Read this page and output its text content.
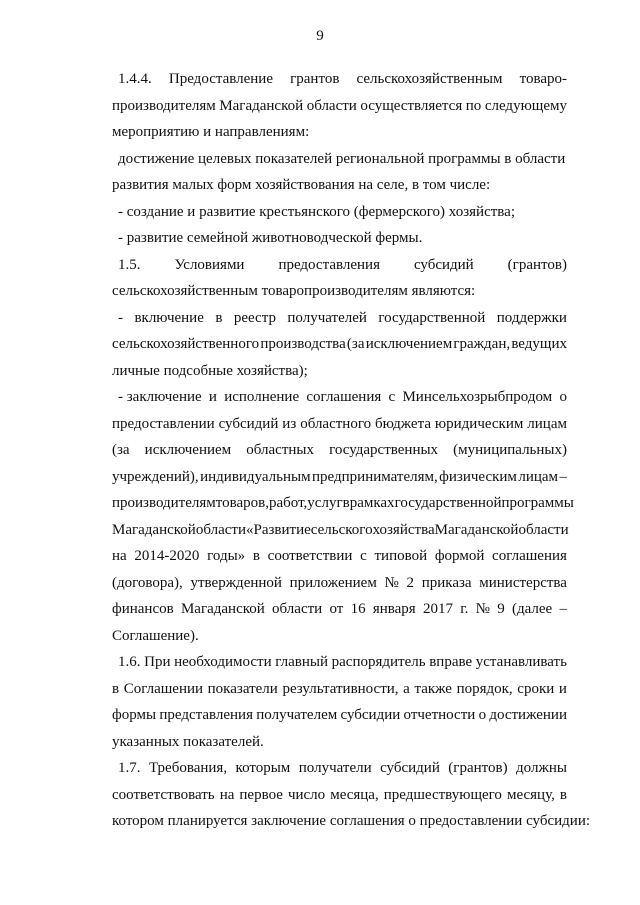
9
1.4.4. Предоставление грантов сельскохозяйственным товаро-
производителям Магаданской области осуществляется по следующему
мероприятию и направлениям:
достижение целевых показателей региональной программы в области
развития малых форм хозяйствования на селе, в том числе:
- создание и развитие крестьянского (фермерского) хозяйства;
- развитие семейной животноводческой фермы.
1.5. Условиями предоставления субсидий (грантов)
сельскохозяйственным товаропроизводителям являются:
- включение в реестр получателей государственной поддержки
сельскохозяйственного производства (за исключением граждан, ведущих
личные подсобные хозяйства);
- заключение и исполнение соглашения с Минсельхозрыбпродом о
предоставлении субсидий из областного бюджета юридическим лицам
(за исключением областных государственных (муниципальных)
учреждений), индивидуальным предпринимателям, физическим лицам –
производителям товаров, работ, услуг в рамках государственной программы
Магаданской области «Развитие сельского хозяйства Магаданской области
на 2014-2020 годы» в соответствии с типовой формой соглашения
(договора), утвержденной приложением № 2 приказа министерства
финансов Магаданской области от 16 января 2017 г. № 9 (далее –
Соглашение).
1.6. При необходимости главный распорядитель вправе устанавливать
в Соглашении показатели результативности, а также порядок, сроки и
формы представления получателем субсидии отчетности о достижении
указанных показателей.
1.7. Требования, которым получатели субсидий (грантов) должны
соответствовать на первое число месяца, предшествующего месяцу, в
котором планируется заключение соглашения о предоставлении субсидии:
